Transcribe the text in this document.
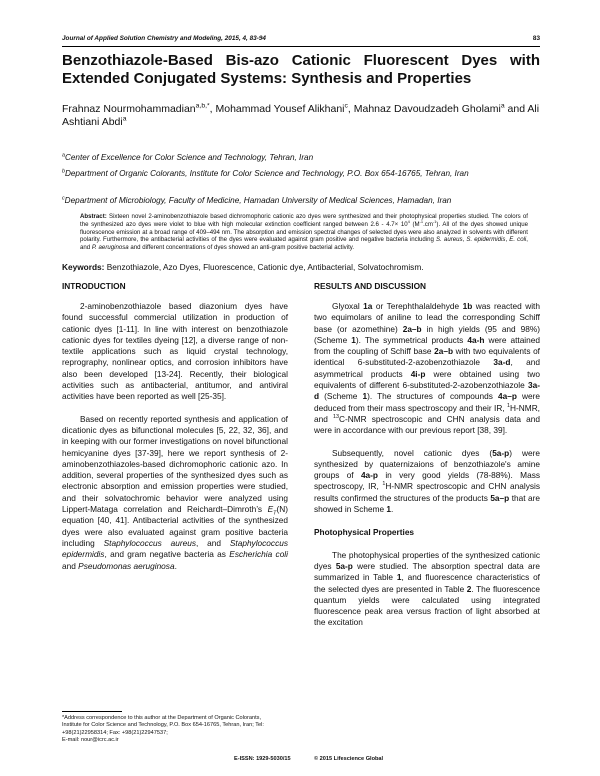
Journal of Applied Solution Chemistry and Modeling, 2015, 4, 83-94	83
Benzothiazole-Based Bis-azo Cationic Fluorescent Dyes with

Extended Conjugated Systems: Synthesis and Properties
Frahnaz Nourmohammadian$^{a,b,*}$, Mohammad Yousef Alikhani$^c$, Mahnaz Davoudzadeh Gholami$^a$ and Ali Ashtiani Abdi$^a$
$^a$Center of Excellence for Color Science and Technology, Tehran, Iran
$^b$Department of Organic Colorants, Institute for Color Science and Technology, P.O. Box 654-16765, Tehran, Iran
$^c$Department of Microbiology, Faculty of Medicine, Hamadan University of Medical Sciences, Hamadan, Iran
Abstract: Sixteen novel 2-aminobenzothiazole based dichromophoric cationic azo dyes were synthesized and their photophysical properties studied. The colors of the synthesized azo dyes were violet to blue with high molecular extinction coefficient ranged between $2.6 - 4.7\times 10^4$ $(M^{-1}.cm^{-1})$. All of the dyes showed unique fluorescence emission at a broad range of 409–494 nm. The absorption and emission spectral changes of selected dyes were also analyzed in solvents with different polarity. Furthermore, the antibacterial activities of the dyes were evaluated against gram positive and negative bacteria including S. aureus, S. epidermidis, E. coli, and P. aeruginosa and different concentrations of dyes showed an anti-gram positive bacterial activity.
Keywords: Benzothiazole, Azo Dyes, Fluorescence, Cationic dye, Antibacterial, Solvatochromism.
INTRODUCTION

2-aminobenzothiazole based diazonium dyes have found successful commercial utilization in production of cationic dyes [1-11]. In line with interest on benzothiazole cationic dyes for textiles dyeing [12], a diverse range of non-textile applications such as liquid crystal technology, reprography, nonlinear optics, and corrosion inhibitors have also been developed [13-24]. Recently, their biological activities such as antibacterial, antitumor, and antiviral activities have been reported as well [25-35].

Based on recently reported synthesis and application of dicationic dyes as bifunctional molecules [5, 22, 32, 36], and in keeping with our former investigations on novel bifunctional hemicyanine dyes [37-39], here we report synthesis of 2-aminobenzothiazoles-based dichromophoric cationic azo. In addition, several properties of the synthesized dyes such as electronic absorption and emission properties were studied, and their solvatochromic behavior were analyzed using Lippert-Mataga correlation and Reichardt–Dimroth’s $E_T(N)$ equation [40, 41]. Antibacterial activities of the synthesized dyes were also evaluated against gram positive bacteria including Staphylococcus aureus, and Staphylococcus epidermidis, and gram negative bacteria as Escherichia coli and Pseudomonas aeruginosa.

RESULTS AND DISCUSSION

Glyoxal 1a or Terephthalaldehyde 1b was reacted with two equimolars of aniline to lead the corresponding Schiff base (or azomethine) 2a–b in high yields (95 and 98%) (Scheme 1). The symmetrical products 4a-h were attained from the coupling of Schiff base 2a–b with two equivalents of identical 6-substituted-2-azobenzothiazole 3a-d, and asymmetrical products 4i-p were obtained using two equivalents of different 6-substituted-2-azobenzothiazole 3a-d (Scheme 1). The structures of compounds 4a–p were deduced from their mass spectroscopy and their IR, $^1$H-NMR, and $^{13}$C-NMR spectroscopic and CHN analysis data and were in accordance with our previous report [38, 39].

Subsequently, novel cationic dyes (5a-p) were synthesized by quaternizaions of benzothiazole's amine groups of 4a-p in very good yields (78-88%). Mass spectroscopy, IR, $^1$H-NMR spectroscopic and CHN analysis results confirmed the structures of the products 5a–p that are showed in Scheme 1.

Photophysical Properties

The photophysical properties of the synthesized cationic dyes 5a-p were studied. The absorption spectral data are summarized in Table 1, and fluorescence characteristics of the selected dyes are presented in Table 2. The fluorescence quantum yields were calculated using integrated fluorescence peak area versus fraction of light absorbed at the excitation

*Address correspondence to this author at the Department of Organic Colorants, Institute for Color Science and Technology, P.O. Box 654-16765, Tehran, Iran; Tel: +98(21)22958314; Fax: +98(21)22947537;
E-mail: nour@icrc.ac.ir
E-ISSN: 1929-5030/15	© 2015 Lifescience Global
